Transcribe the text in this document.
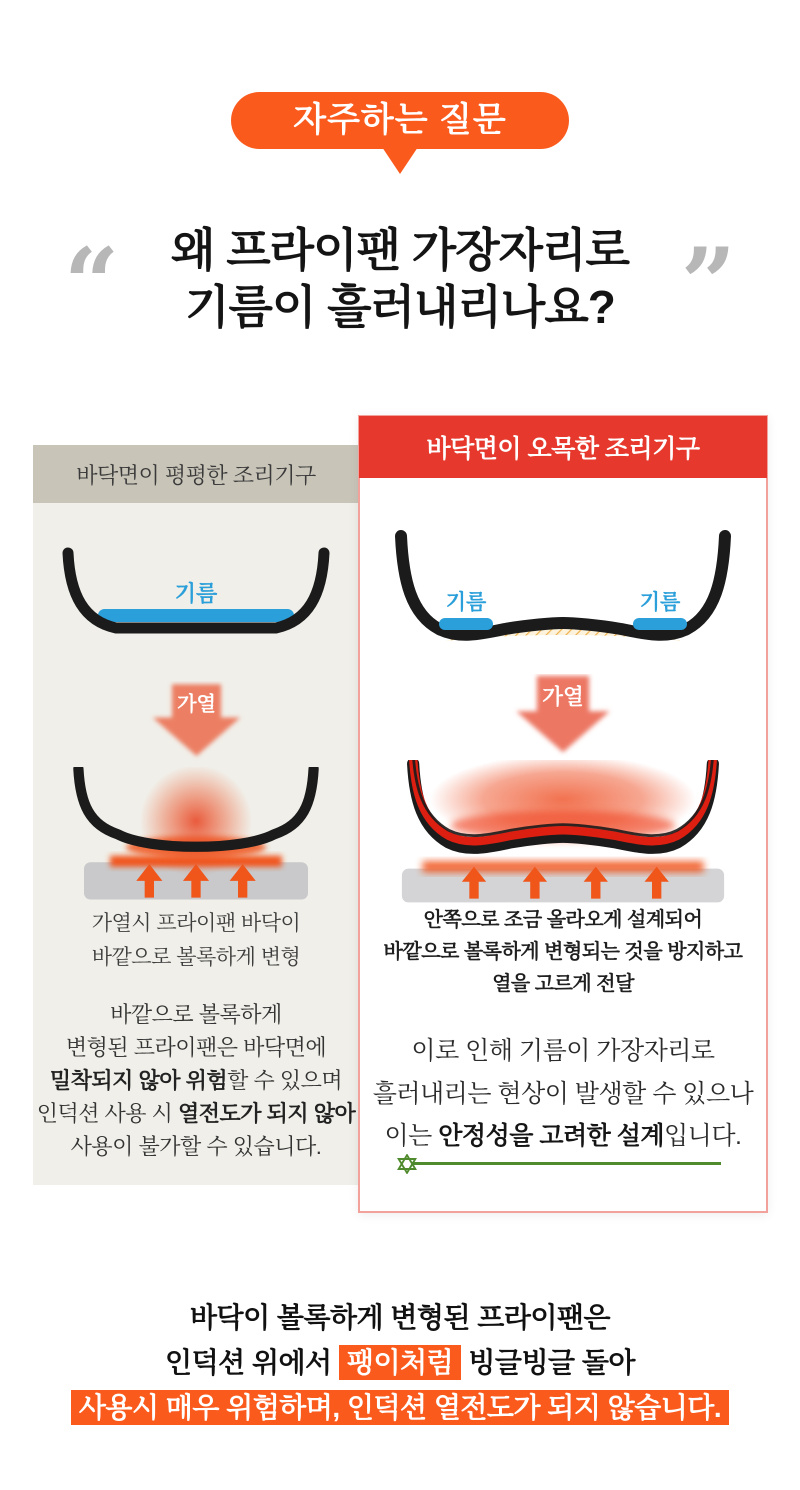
자주하는 질문
“	”
왜 프라이팬 가장자리로
기름이 흘러내리나요?
바닥면이 평평한 조리기구
기름
가열
가열시 프라이팬 바닥이
바깥으로 볼록하게 변형
바깥으로 볼록하게
변형된 프라이팬은 바닥면에
밀착되지 않아 위험할 수 있으며
인덕션 사용 시 열전도가 되지 않아
사용이 불가할 수 있습니다.
바닥면이 오목한 조리기구
기름	기름
가열
안쪽으로 조금 올라오게 설계되어
바깥으로 볼록하게 변형되는 것을 방지하고
열을 고르게 전달
이로 인해 기름이 가장자리로
흘러내리는 현상이 발생할 수 있으나
이는 안정성을 고려한 설계입니다.
바닥이 볼록하게 변형된 프라이팬은
인덕션 위에서 팽이처럼 빙글빙글 돌아
사용시 매우 위험하며, 인덕션 열전도가 되지 않습니다.
